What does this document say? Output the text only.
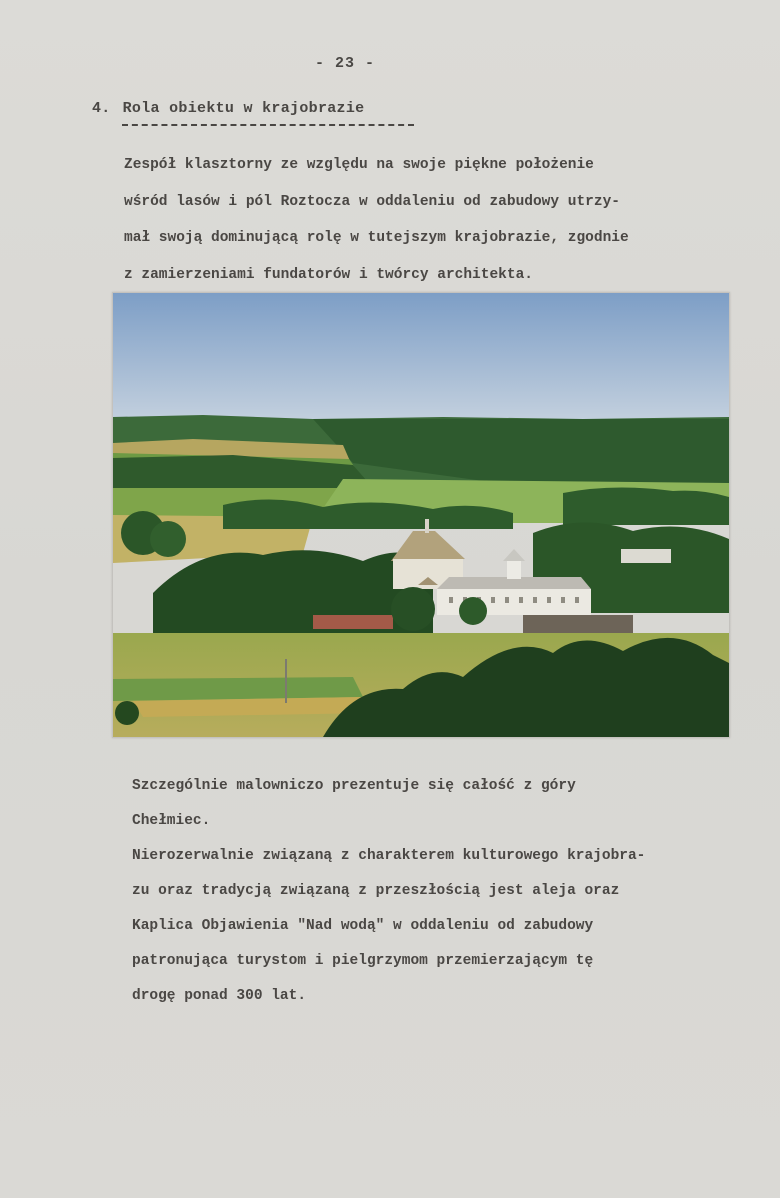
- 23 -
4. Rola obiektu w krajobrazie
Zespół klasztorny ze względu na swoje piękne położenie
wśród lasów i pól Roztocza w oddaleniu od zabudowy utrzy-
mał swoją dominującą rolę w tutejszym krajobrazie, zgodnie
z zamierzeniami fundatorów i twórcy architekta.
Szczególnie malowniczo prezentuje się całość z góry
Chełmiec.
Nierozerwalnie związaną z charakterem kulturowego krajobra-
zu oraz tradycją związaną z przeszłością jest aleja oraz
Kaplica Objawienia "Nad wodą" w oddaleniu od zabudowy
patronująca turystom i pielgrzymom przemierzającym tę
drogę ponad 300 lat.
